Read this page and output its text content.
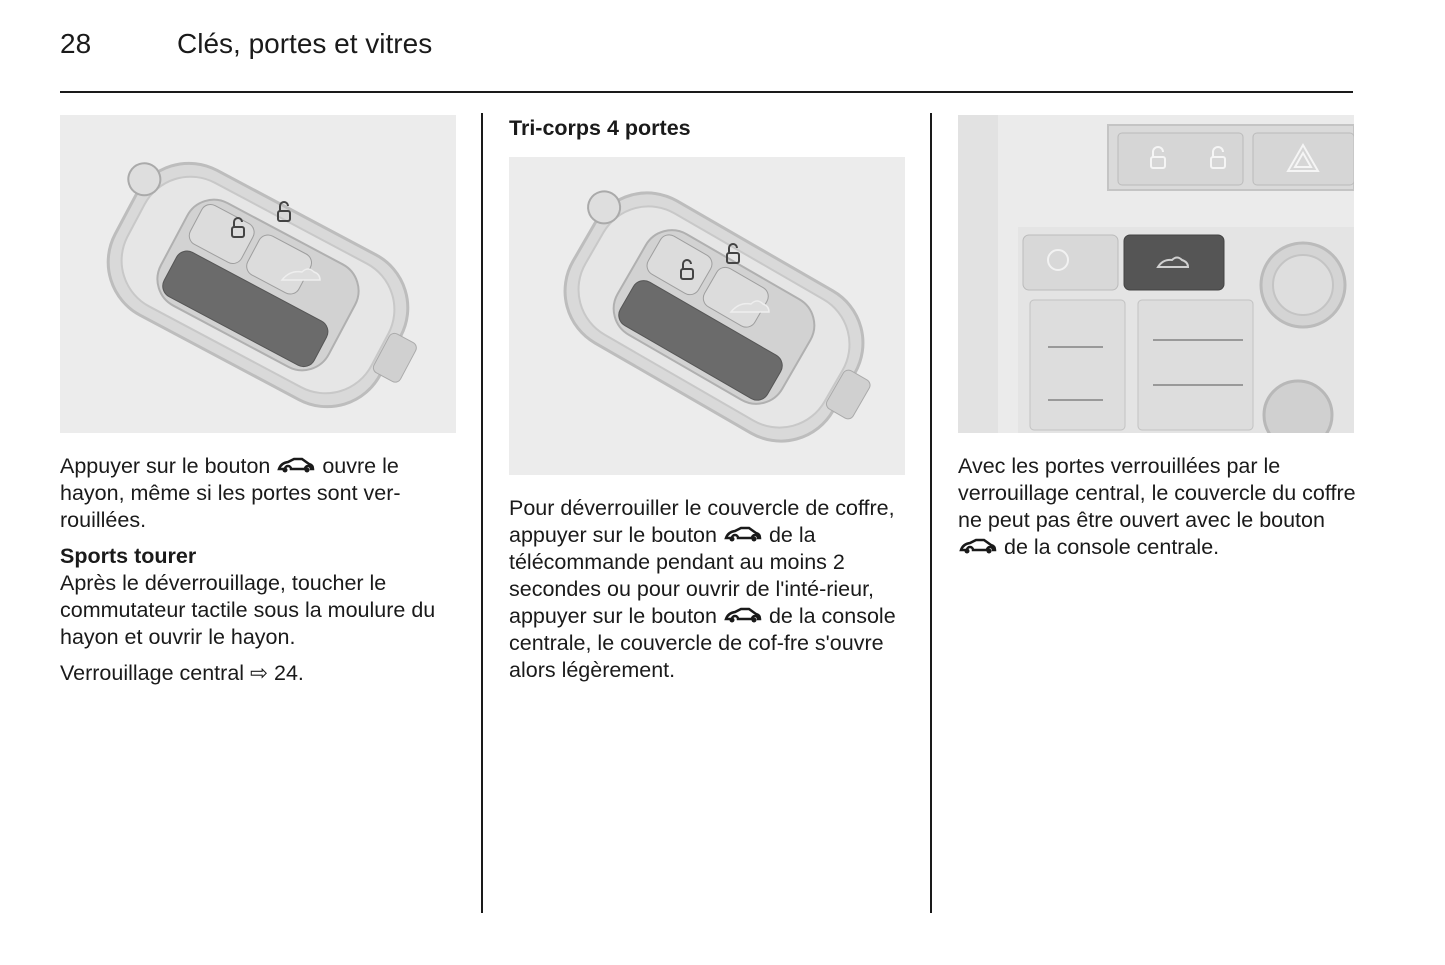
28	Clés, portes et vitres

Appuyer sur le bouton ouvre le hayon, même si les portes sont ver-rouillées.

Sports tourer
Après le déverrouillage, toucher le commutateur tactile sous la moulure du hayon et ouvrir le hayon.

Verrouillage central ⇨ 24.

Tri-corps 4 portes

Pour déverrouiller le couvercle de coffre, appuyer sur le bouton de la télécommande pendant au moins 2 secondes ou pour ouvrir de l'inté-rieur, appuyer sur le bouton de la console centrale, le couvercle de cof-fre s'ouvre alors légèrement.

Avec les portes verrouillées par le verrouillage central, le couvercle du coffre ne peut pas être ouvert avec le bouton
de la console centrale.
